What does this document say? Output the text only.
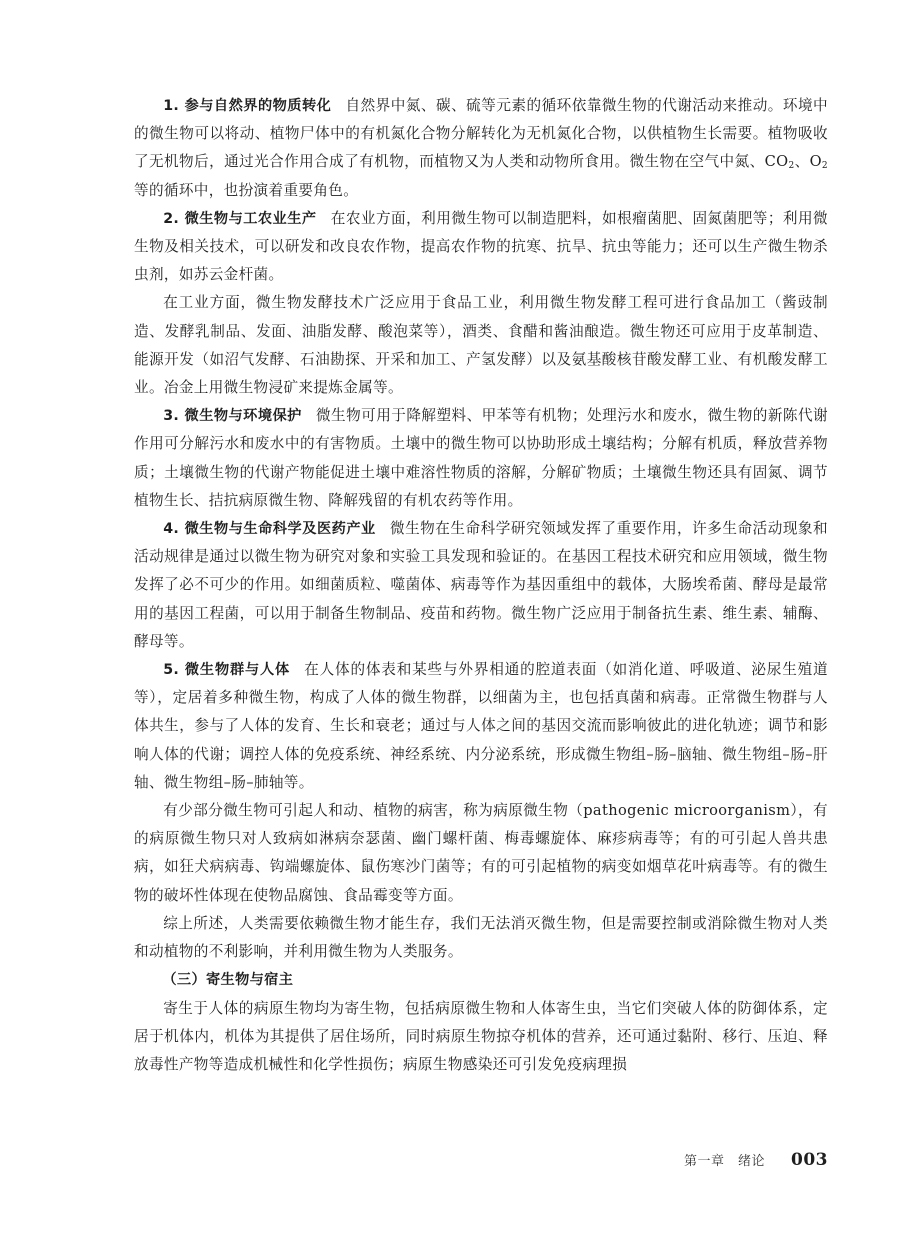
1. 参与自然界的物质转化 自然界中氮、碳、硫等元素的循环依靠微生物的代谢活动来推动。环境中的微生物可以将动、植物尸体中的有机氮化合物分解转化为无机氮化合物，以供植物生长需要。植物吸收了无机物后，通过光合作用合成了有机物，而植物又为人类和动物所食用。微生物在空气中氮、$CO_2$、$O_2$等的循环中，也扮演着重要角色。

2. 微生物与工农业生产 在农业方面，利用微生物可以制造肥料，如根瘤菌肥、固氮菌肥等；利用微生物及相关技术，可以研发和改良农作物，提高农作物的抗寒、抗旱、抗虫等能力；还可以生产微生物杀虫剂，如苏云金杆菌。

在工业方面，微生物发酵技术广泛应用于食品工业，利用微生物发酵工程可进行食品加工（酱豉制造、发酵乳制品、发面、油脂发酵、酸泡菜等），酒类、食醋和酱油酿造。微生物还可应用于皮革制造、能源开发（如沼气发酵、石油勘探、开采和加工、产氢发酵）以及氨基酸核苷酸发酵工业、有机酸发酵工业。冶金上用微生物浸矿来提炼金属等。

3. 微生物与环境保护 微生物可用于降解塑料、甲苯等有机物；处理污水和废水，微生物的新陈代谢作用可分解污水和废水中的有害物质。土壤中的微生物可以协助形成土壤结构；分解有机质，释放营养物质；土壤微生物的代谢产物能促进土壤中难溶性物质的溶解，分解矿物质；土壤微生物还具有固氮、调节植物生长、拮抗病原微生物、降解残留的有机农药等作用。

4. 微生物与生命科学及医药产业 微生物在生命科学研究领域发挥了重要作用，许多生命活动现象和活动规律是通过以微生物为研究对象和实验工具发现和验证的。在基因工程技术研究和应用领域，微生物发挥了必不可少的作用。如细菌质粒、噬菌体、病毒等作为基因重组中的载体，大肠埃希菌、酵母是最常用的基因工程菌，可以用于制备生物制品、疫苗和药物。微生物广泛应用于制备抗生素、维生素、辅酶、酵母等。

5. 微生物群与人体 在人体的体表和某些与外界相通的腔道表面（如消化道、呼吸道、泌尿生殖道等），定居着多种微生物，构成了人体的微生物群，以细菌为主，也包括真菌和病毒。正常微生物群与人体共生，参与了人体的发育、生长和衰老；通过与人体之间的基因交流而影响彼此的进化轨迹；调节和影响人体的代谢；调控人体的免疫系统、神经系统、内分泌系统，形成微生物组–肠–脑轴、微生物组–肠–肝轴、微生物组–肠–肺轴等。

有少部分微生物可引起人和动、植物的病害，称为病原微生物（pathogenic microorganism），有的病原微生物只对人致病如淋病奈瑟菌、幽门螺杆菌、梅毒螺旋体、麻疹病毒等；有的可引起人兽共患病，如狂犬病病毒、钩端螺旋体、鼠伤寒沙门菌等；有的可引起植物的病变如烟草花叶病毒等。有的微生物的破坏性体现在使物品腐蚀、食品霉变等方面。

综上所述，人类需要依赖微生物才能生存，我们无法消灭微生物，但是需要控制或消除微生物对人类和动植物的不利影响，并利用微生物为人类服务。

（三）寄生物与宿主

寄生于人体的病原生物均为寄生物，包括病原微生物和人体寄生虫，当它们突破人体的防御体系，定居于机体内，机体为其提供了居住场所，同时病原生物掠夺机体的营养，还可通过黏附、移行、压迫、释放毒性产物等造成机械性和化学性损伤；病原生物感染还可引发免疫病理损

第一章　绪论 003
